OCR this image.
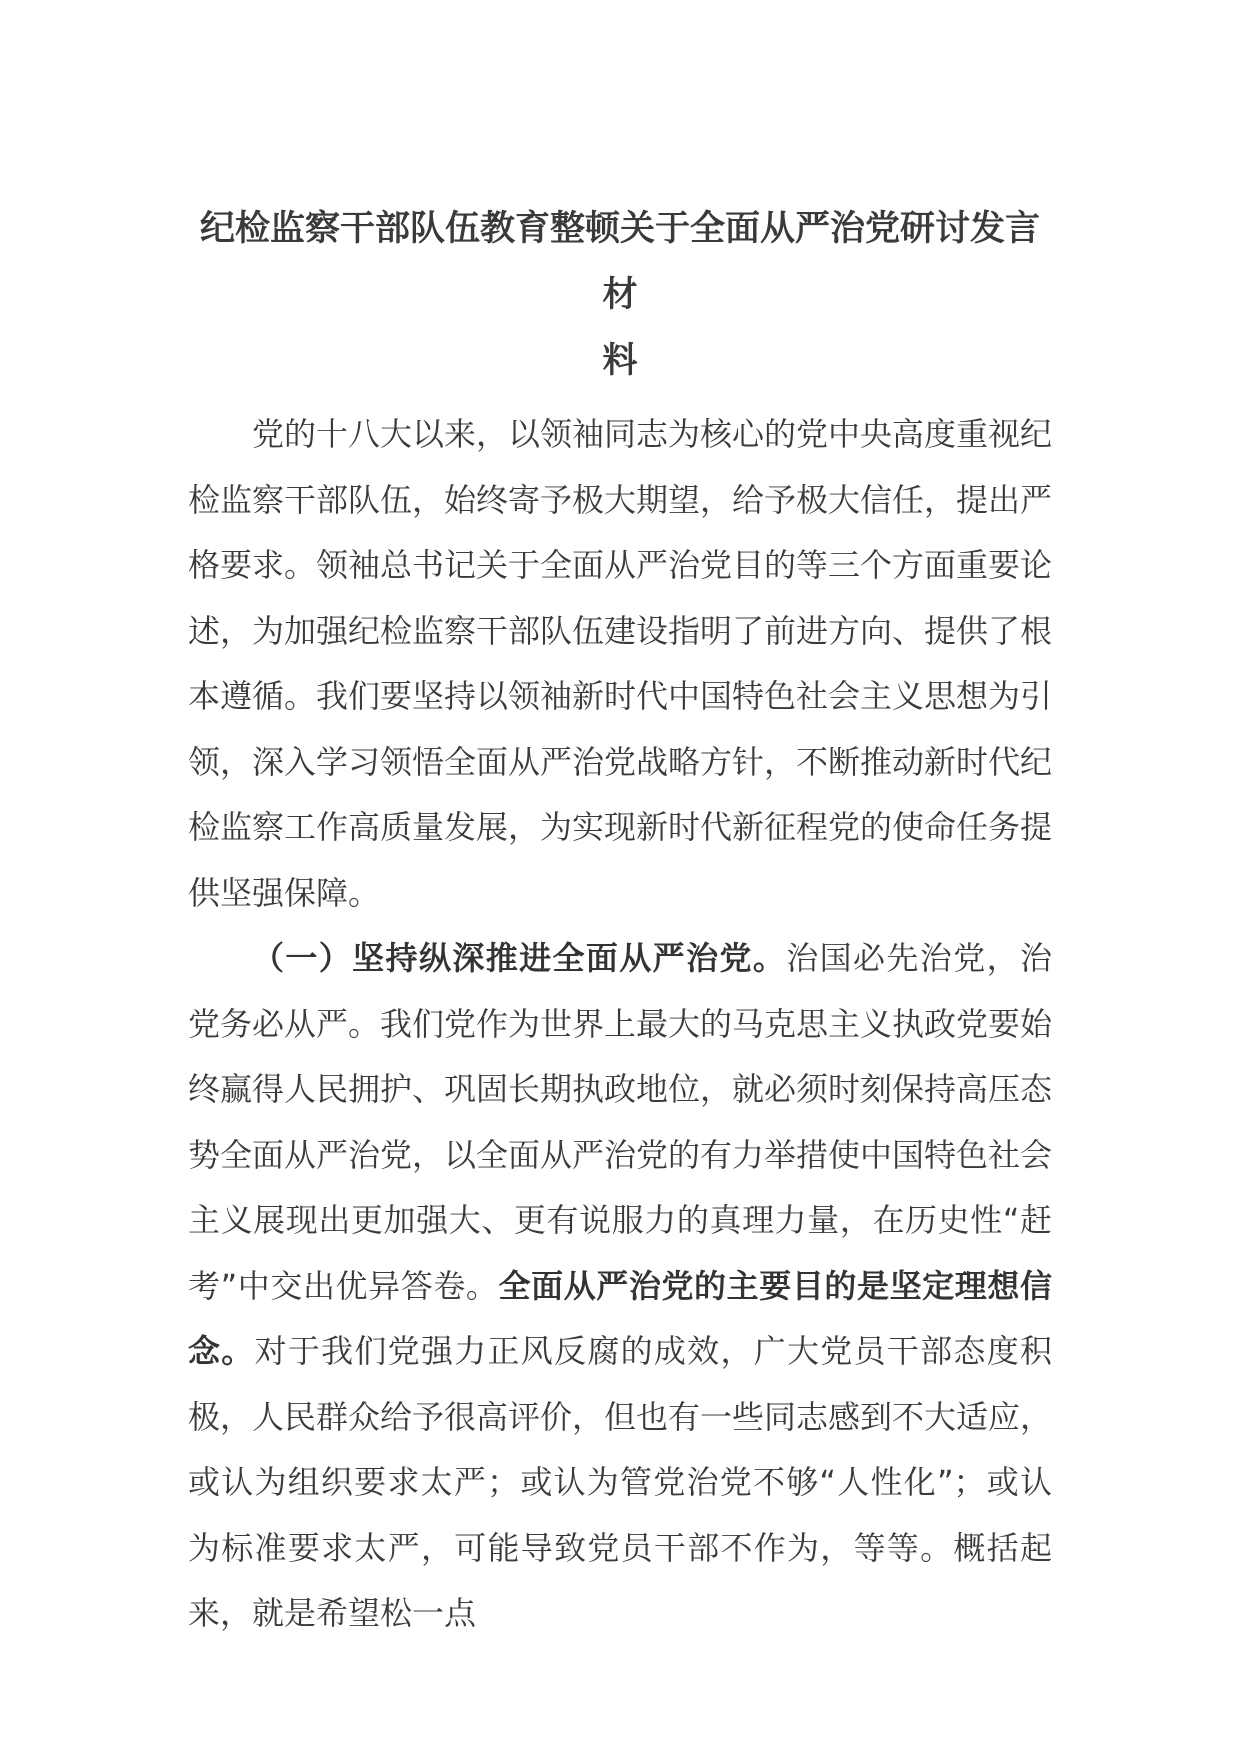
纪检监察干部队伍教育整顿关于全面从严治党研讨发言材
料

党的十八大以来，以领袖同志为核心的党中央高度重视纪检监察干部队伍，始终寄予极大期望，给予极大信任，提出严格要求。领袖总书记关于全面从严治党目的等三个方面重要论述，为加强纪检监察干部队伍建设指明了前进方向、提供了根本遵循。我们要坚持以领袖新时代中国特色社会主义思想为引领，深入学习领悟全面从严治党战略方针，不断推动新时代纪检监察工作高质量发展，为实现新时代新征程党的使命任务提供坚强保障。

（一）坚持纵深推进全面从严治党。治国必先治党，治党务必从严。我们党作为世界上最大的马克思主义执政党要始终赢得人民拥护、巩固长期执政地位，就必须时刻保持高压态势全面从严治党，以全面从严治党的有力举措使中国特色社会主义展现出更加强大、更有说服力的真理力量，在历史性“赶考”中交出优异答卷。全面从严治党的主要目的是坚定理想信念。对于我们党强力正风反腐的成效，广大党员干部态度积极，人民群众给予很高评价，但也有一些同志感到不大适应，或认为组织要求太严；或认为管党治党不够“人性化”；或认为标准要求太严，可能导致党员干部不作为，等等。概括起来，就是希望松一点
